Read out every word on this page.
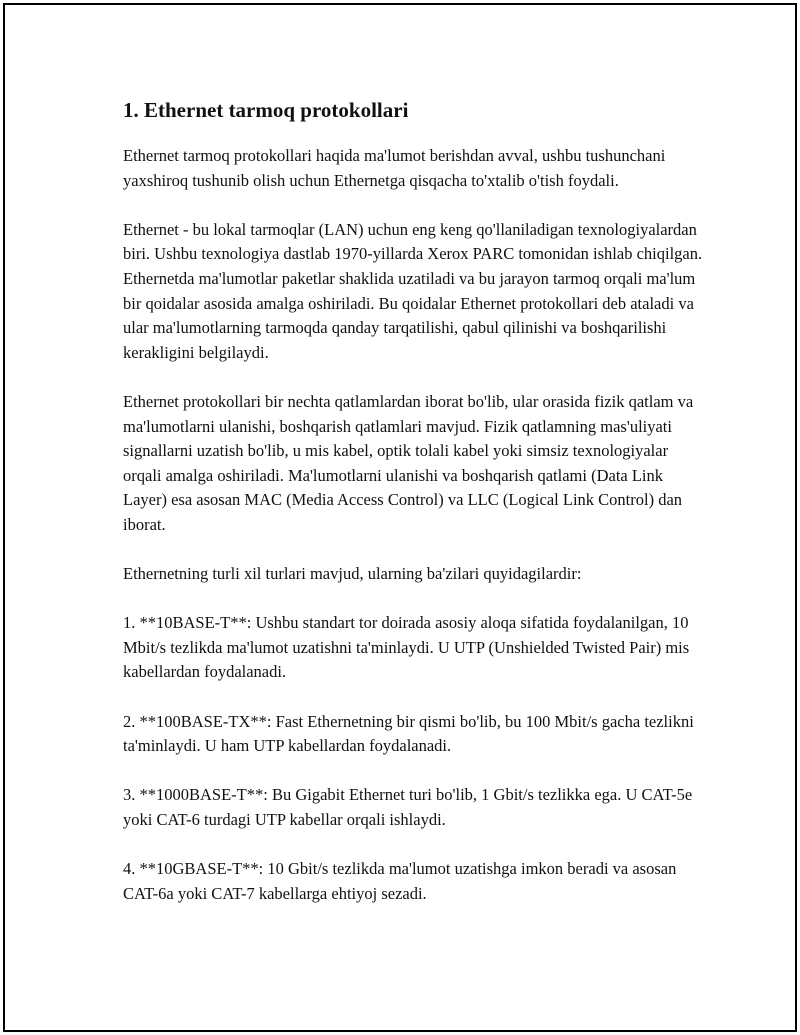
1. Ethernet tarmoq protokollari

Ethernet tarmoq protokollari haqida ma'lumot berishdan avval, ushbu tushunchani yaxshiroq tushunib olish uchun Ethernetga qisqacha to'xtalib o'tish foydali.

Ethernet - bu lokal tarmoqlar (LAN) uchun eng keng qo'llaniladigan texnologiyalardan biri. Ushbu texnologiya dastlab 1970-yillarda Xerox PARC tomonidan ishlab chiqilgan. Ethernetda ma'lumotlar paketlar shaklida uzatiladi va bu jarayon tarmoq orqali ma'lum bir qoidalar asosida amalga oshiriladi. Bu qoidalar Ethernet protokollari deb ataladi va ular ma'lumotlarning tarmoqda qanday tarqatilishi, qabul qilinishi va boshqarilishi kerakligini belgilaydi.

Ethernet protokollari bir nechta qatlamlardan iborat bo'lib, ular orasida fizik qatlam va ma'lumotlarni ulanishi, boshqarish qatlamlari mavjud. Fizik qatlamning mas'uliyati signallarni uzatish bo'lib, u mis kabel, optik tolali kabel yoki simsiz texnologiyalar orqali amalga oshiriladi. Ma'lumotlarni ulanishi va boshqarish qatlami (Data Link Layer) esa asosan MAC (Media Access Control) va LLC (Logical Link Control) dan iborat.

Ethernetning turli xil turlari mavjud, ularning ba'zilari quyidagilardir:

1. **10BASE-T**: Ushbu standart tor doirada asosiy aloqa sifatida foydalanilgan, 10 Mbit/s tezlikda ma'lumot uzatishni ta'minlaydi. U UTP (Unshielded Twisted Pair) mis kabellardan foydalanadi.

2. **100BASE-TX**: Fast Ethernetning bir qismi bo'lib, bu 100 Mbit/s gacha tezlikni ta'minlaydi. U ham UTP kabellardan foydalanadi.

3. **1000BASE-T**: Bu Gigabit Ethernet turi bo'lib, 1 Gbit/s tezlikka ega. U CAT-5e yoki CAT-6 turdagi UTP kabellar orqali ishlaydi.

4. **10GBASE-T**: 10 Gbit/s tezlikda ma'lumot uzatishga imkon beradi va asosan CAT-6a yoki CAT-7 kabellarga ehtiyoj sezadi.
